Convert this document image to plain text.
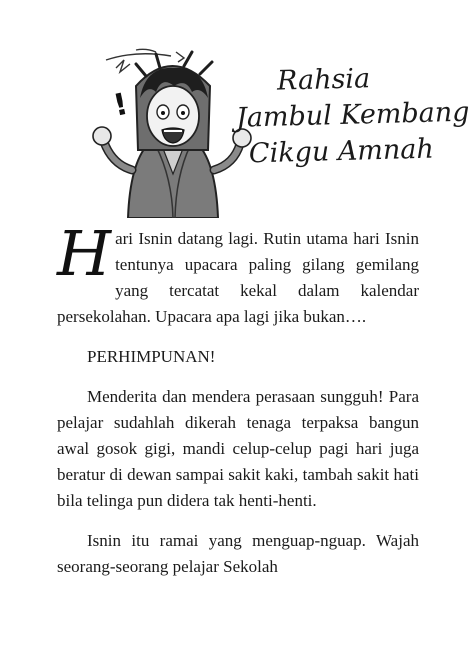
!
Rahsia
Jambul Kembang
Cikgu Amnah

Hari Isnin datang lagi. Rutin utama hari Isnin tentunya upacara paling gilang gemilang yang tercatat kekal dalam kalendar persekolahan. Upacara apa lagi jika bukan….

PERHIMPUNAN!

Menderita dan mendera perasaan sungguh! Para pelajar sudahlah dikerah tenaga terpaksa bangun awal gosok gigi, mandi celup-celup pagi hari juga beratur di dewan sampai sakit kaki, tambah sakit hati bila telinga pun didera tak henti-henti.

Isnin itu ramai yang menguap-nguap. Wajah seorang-seorang pelajar Sekolah
